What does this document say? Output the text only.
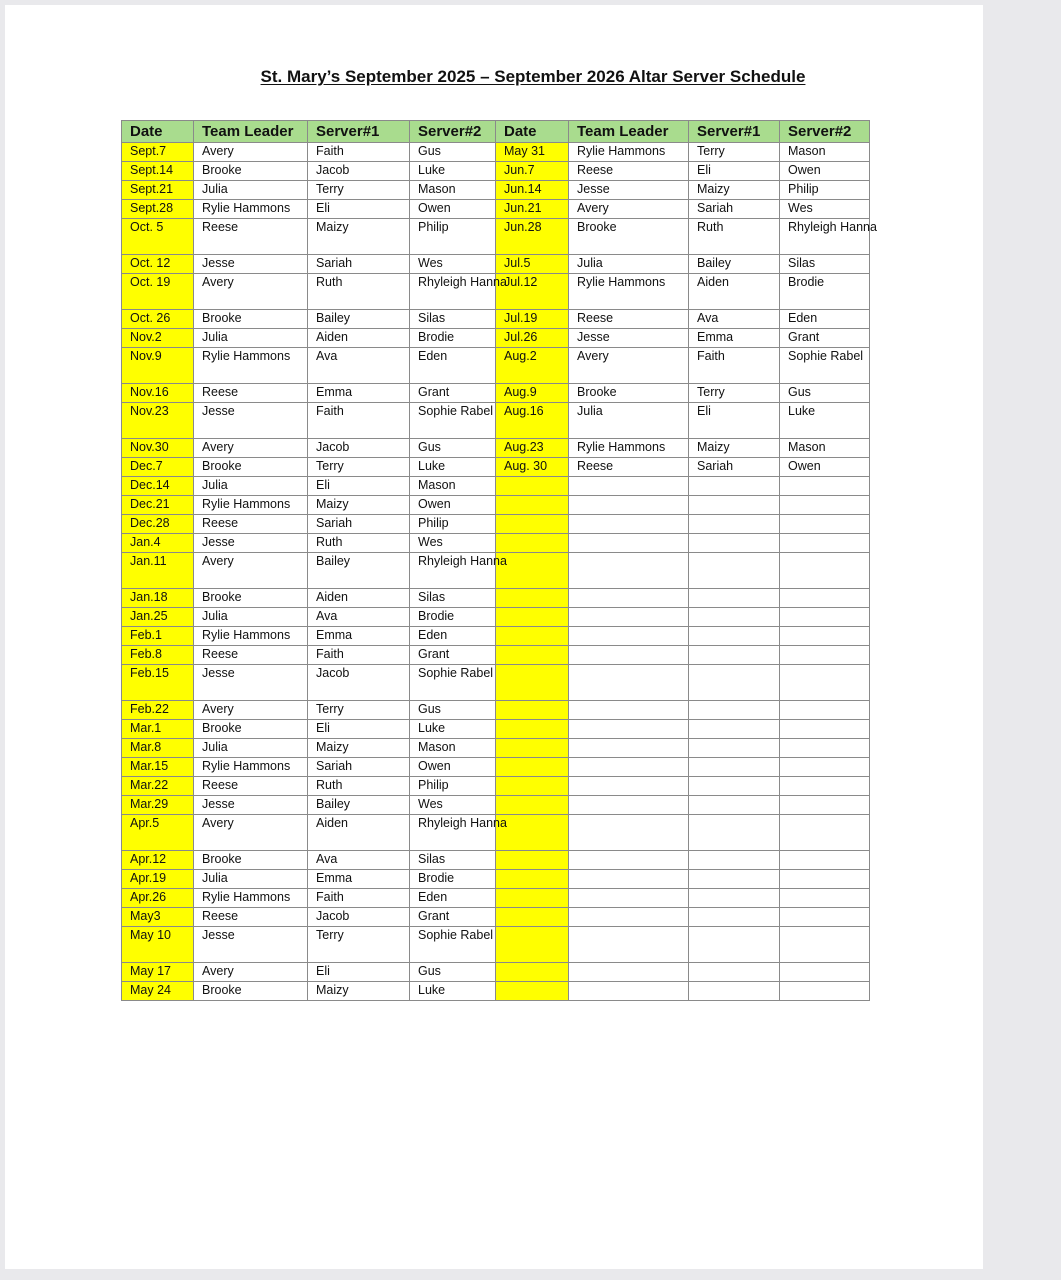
St. Mary’s September 2025 – September 2026 Altar Server Schedule
Date	Team Leader	Server#1	Server#2	Date	Team Leader	Server#1	Server#2
Sept.7	Avery	Faith	Gus	May 31	Rylie Hammons	Terry	Mason
Sept.14	Brooke	Jacob	Luke	Jun.7	Reese	Eli	Owen
Sept.21	Julia	Terry	Mason	Jun.14	Jesse	Maizy	Philip
Sept.28	Rylie Hammons	Eli	Owen	Jun.21	Avery	Sariah	Wes
Oct. 5	Reese	Maizy	Philip	Jun.28	Brooke	Ruth	Rhyleigh Hanna
Oct. 12	Jesse	Sariah	Wes	Jul.5	Julia	Bailey	Silas
Oct. 19	Avery	Ruth	Rhyleigh Hanna	Jul.12	Rylie Hammons	Aiden	Brodie
Oct. 26	Brooke	Bailey	Silas	Jul.19	Reese	Ava	Eden
Nov.2	Julia	Aiden	Brodie	Jul.26	Jesse	Emma	Grant
Nov.9	Rylie Hammons	Ava	Eden	Aug.2	Avery	Faith	Sophie Rabel
Nov.16	Reese	Emma	Grant	Aug.9	Brooke	Terry	Gus
Nov.23	Jesse	Faith	Sophie Rabel	Aug.16	Julia	Eli	Luke
Nov.30	Avery	Jacob	Gus	Aug.23	Rylie Hammons	Maizy	Mason
Dec.7	Brooke	Terry	Luke	Aug. 30	Reese	Sariah	Owen
Dec.14	Julia	Eli	Mason				
Dec.21	Rylie Hammons	Maizy	Owen				
Dec.28	Reese	Sariah	Philip				
Jan.4	Jesse	Ruth	Wes				
Jan.11	Avery	Bailey	Rhyleigh Hanna				
Jan.18	Brooke	Aiden	Silas				
Jan.25	Julia	Ava	Brodie				
Feb.1	Rylie Hammons	Emma	Eden				
Feb.8	Reese	Faith	Grant				
Feb.15	Jesse	Jacob	Sophie Rabel				
Feb.22	Avery	Terry	Gus				
Mar.1	Brooke	Eli	Luke				
Mar.8	Julia	Maizy	Mason				
Mar.15	Rylie Hammons	Sariah	Owen				
Mar.22	Reese	Ruth	Philip				
Mar.29	Jesse	Bailey	Wes				
Apr.5	Avery	Aiden	Rhyleigh Hanna				
Apr.12	Brooke	Ava	Silas				
Apr.19	Julia	Emma	Brodie				
Apr.26	Rylie Hammons	Faith	Eden				
May3	Reese	Jacob	Grant				
May 10	Jesse	Terry	Sophie Rabel				
May 17	Avery	Eli	Gus				
May 24	Brooke	Maizy	Luke				
